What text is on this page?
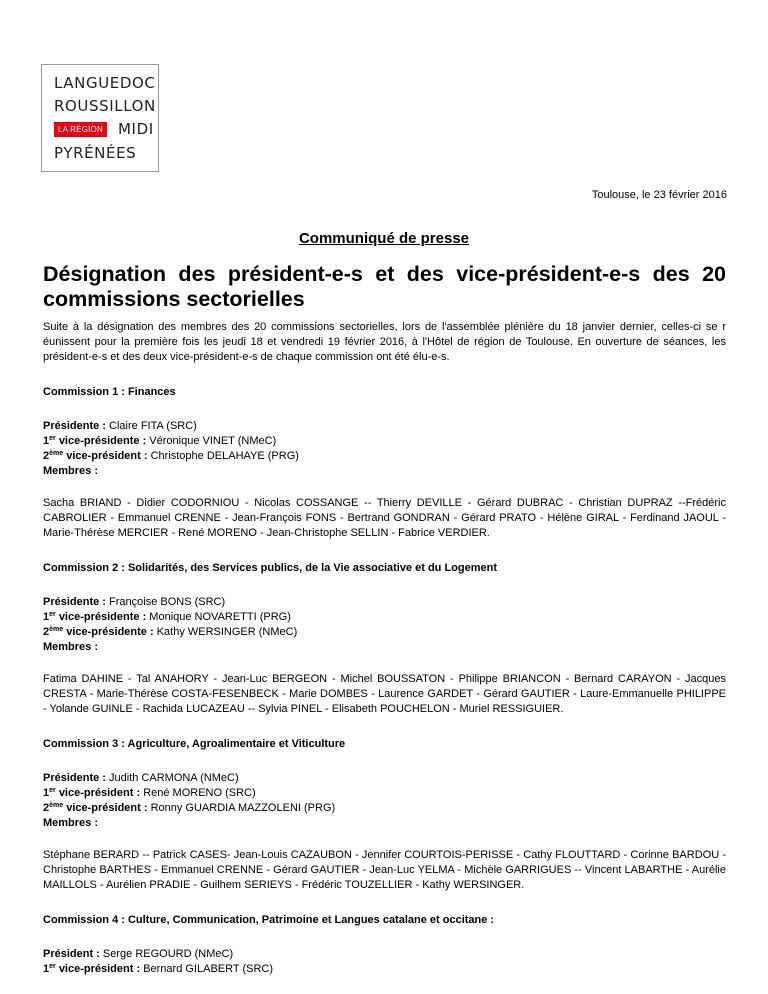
LANGUEDOC
ROUSSILLON
LA RÉGION MIDI
PYRÉNÉES
Toulouse, le 23 février 2016
Communiqué de presse
Désignation des président-e-s et des vice-président-e-s des 20 commissions sectorielles

Suite à la désignation des membres des 20 commissions sectorielles, lors de l'assemblée plénière du 18 janvier dernier, celles-ci se r éunissent pour la première fois les jeudi 18 et vendredi 19 février 2016, à l'Hôtel de région de Toulouse. En ouverture de séances, les président-e-s et des deux vice-président-e-s de chaque commission ont été élu-e-s.

Commission 1 : Finances

Présidente : Claire FITA (SRC)

1er vice-présidente : Véronique VINET (NMeC)

2ème vice-président : Christophe DELAHAYE (PRG)

Membres :

Sacha BRIAND - Didier CODORNIOU - Nicolas COSSANGE -- Thierry DEVILLE - Gérard DUBRAC - Christian DUPRAZ --Frédéric CABROLIER - Emmanuel CRENNE - Jean-François FONS - Bertrand GONDRAN - Gérard PRATO - Hélène GIRAL - Ferdinand JAOUL - Marie-Thérèse MERCIER - René MORENO - Jean-Christophe SELLIN - Fabrice VERDIER.

Commission 2 : Solidarités, des Services publics, de la Vie associative et du Logement

Présidente : Françoise BONS (SRC)

1er vice-présidente : Monique NOVARETTI (PRG)

2ème vice-présidente : Kathy WERSINGER (NMeC)

Membres :

Fatima DAHINE - Tal ANAHORY - Jean-Luc BERGEON - Michel BOUSSATON - Philippe BRIANCON - Bernard CARAYON - Jacques CRESTA - Marie-Thérèse COSTA-FESENBECK - Marie DOMBES - Laurence GARDET - Gérard GAUTIER - Laure-Emmanuelle PHILIPPE - Yolande GUINLE - Rachida LUCAZEAU -- Sylvia PINEL - Elisabeth POUCHELON - Muriel RESSIGUIER.

Commission 3 : Agriculture, Agroalimentaire et Viticulture

Présidente : Judith CARMONA (NMeC)

1er vice-président : René MORENO (SRC)

2ème vice-président : Ronny GUARDIA MAZZOLENI (PRG)

Membres :

Stéphane BERARD -- Patrick CASES- Jean-Louis CAZAUBON - Jennifer COURTOIS-PERISSE - Cathy FLOUTTARD - Corinne BARDOU - Christophe BARTHES - Emmanuel CRENNE - Gérard GAUTIER - Jean-Luc YELMA - Michèle GARRIGUES -- Vincent LABARTHE - Aurélie MAILLOLS - Aurélien PRADIE - Guilhem SERIEYS - Frédéric TOUZELLIER - Kathy WERSINGER.

Commission 4 : Culture, Communication, Patrimoine et Langues catalane et occitane :

Président : Serge REGOURD (NMeC)

1er vice-président : Bernard GILABERT (SRC)
